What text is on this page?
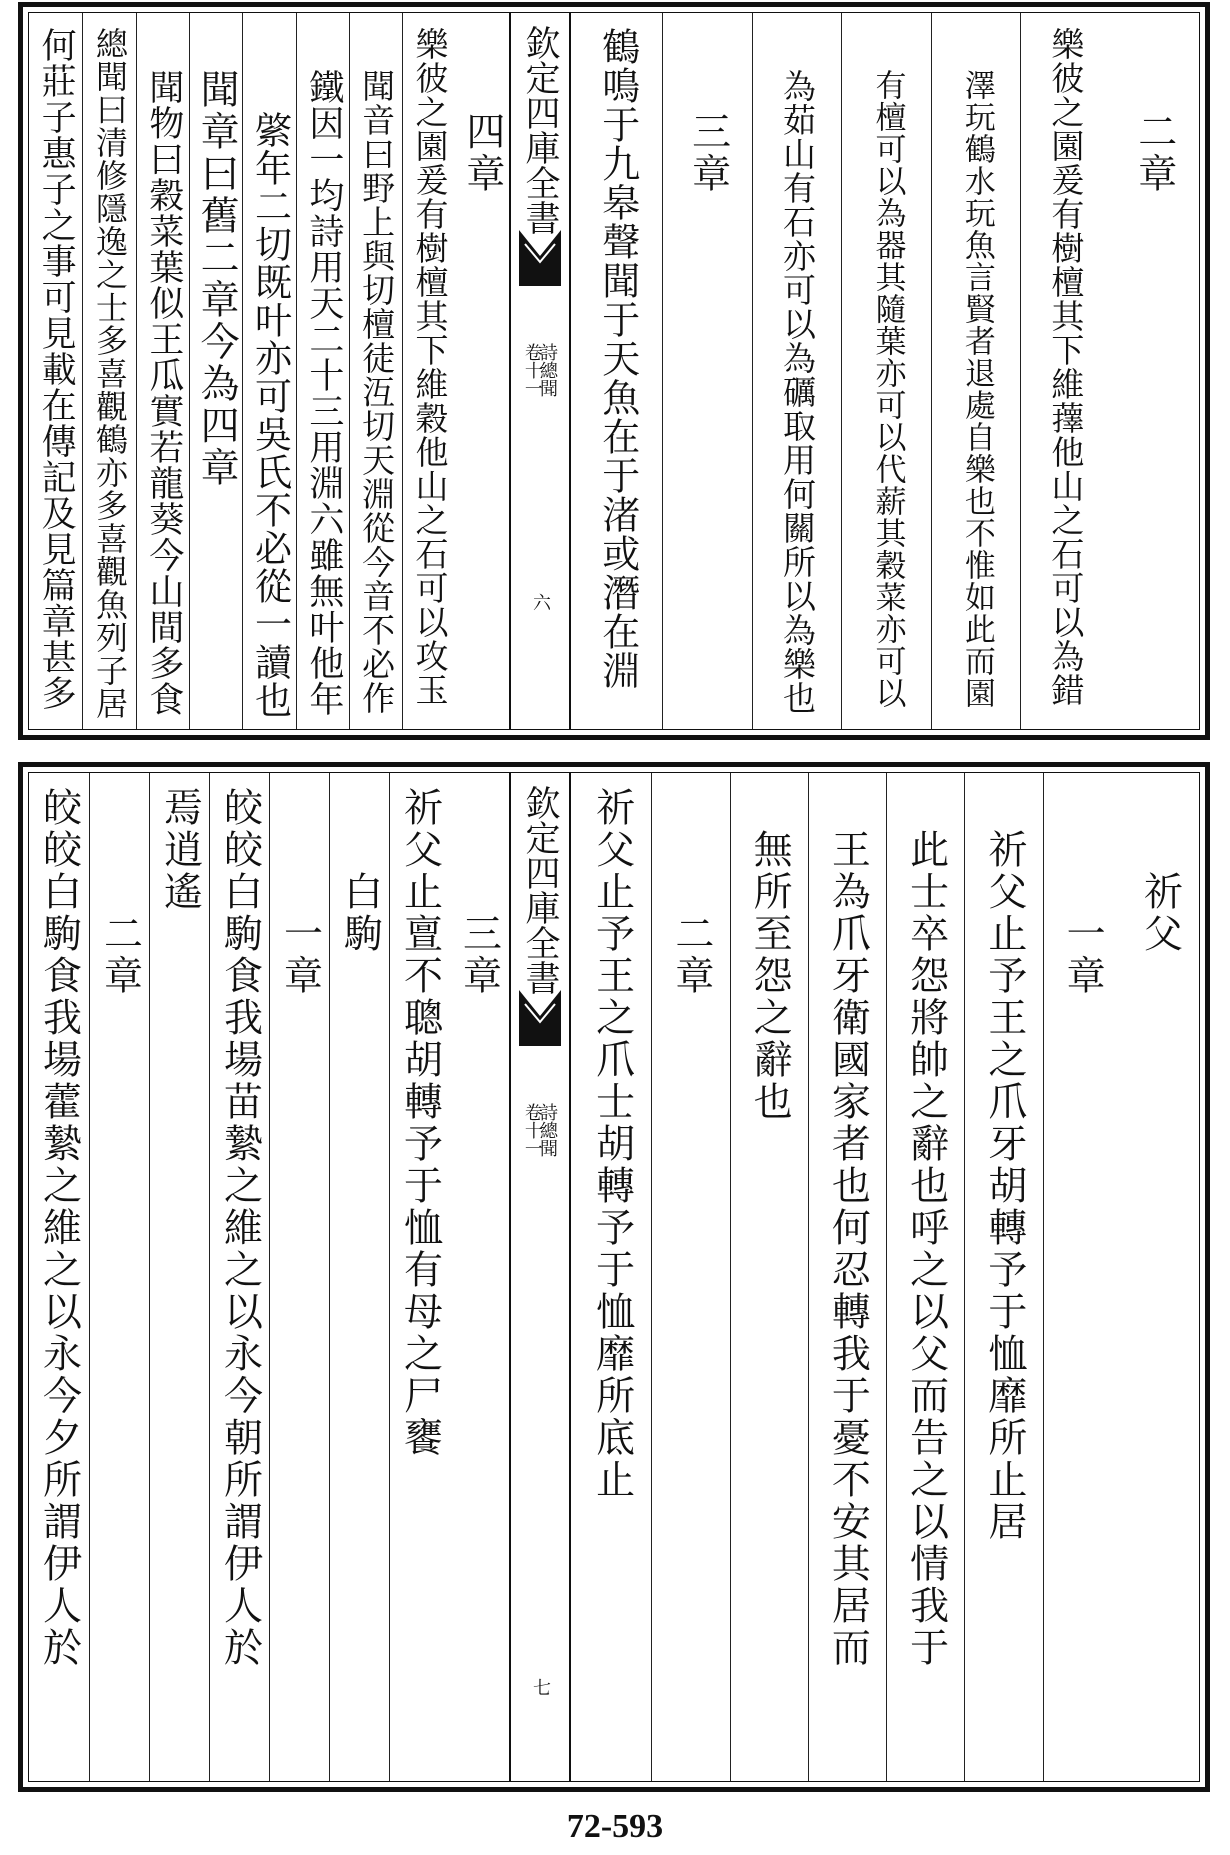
二章
樂彼之園爰有樹檀其下維蘀他山之石可以為錯
澤玩鶴水玩魚言賢者退處自樂也不惟如此而園
有檀可以為器其隨葉亦可以代薪其穀菜亦可以
為茹山有石亦可以為礪取用何關所以為樂也
三章
鶴鳴于九皋聲聞于天魚在于渚或潛在淵
欽定四庫全書
詩總聞
卷十一
六
四章
樂彼之園爰有樹檀其下維穀他山之石可以攻玉
聞音曰野上與切檀徒沍切天淵從今音不必作
鐵因一均詩用天二十三用淵六雖無叶他年
綮年二切既叶亦可吳氏不必從一讀也
聞章曰舊二章今為四章
聞物曰穀菜葉似王瓜實若龍葵今山間多食
總聞曰清修隱逸之士多喜觀鶴亦多喜觀魚列子居
何莊子惠子之事可見載在傳記及見篇章甚多
祈父
一章
祈父止予王之爪牙胡轉予于恤靡所止居
此士卒怨將帥之辭也呼之以父而告之以情我于
王為爪牙衛國家者也何忍轉我于憂不安其居而
無所至怨之辭也
二章
祈父止予王之爪士胡轉予于恤靡所底止
欽定四庫全書
詩總聞
卷十一
七
三章
祈父止亶不聰胡轉予于恤有母之尸饔
白駒
一章
皎皎白駒食我場苗縶之維之以永今朝所謂伊人於
焉逍遙
二章
皎皎白駒食我場藿縶之維之以永今夕所謂伊人於
72-593
